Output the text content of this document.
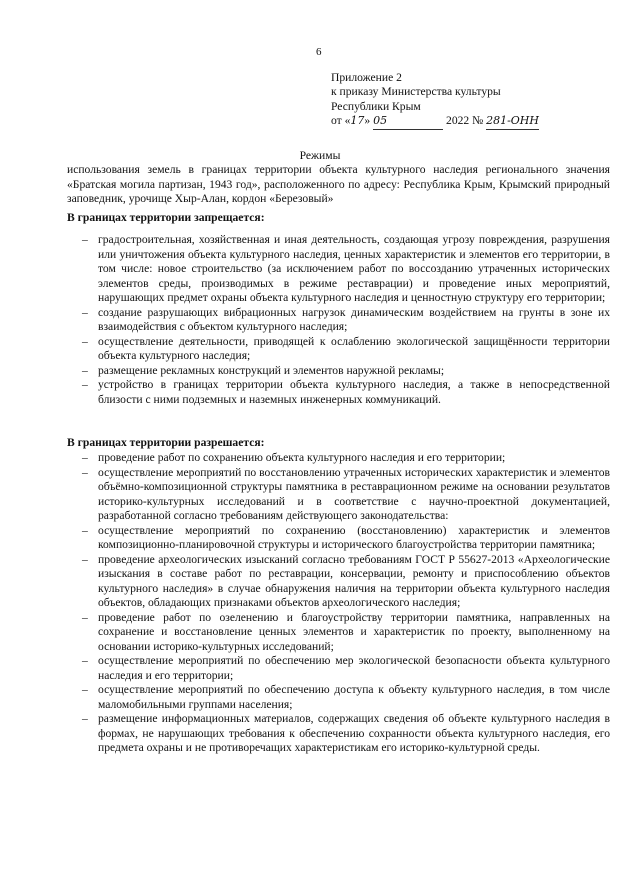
6
Приложение 2
к приказу Министерства культуры
Республики Крым
от «17» 05	2022 № 281-ОНН
Режимы
использования земель в границах территории объекта культурного наследия регионального значения «Братская могила партизан, 1943 год», расположенного по адресу: Республика Крым, Крымский природный заповедник, урочище Хыр-Алан, кордон «Березовый»
В границах территории запрещается:
– градостроительная, хозяйственная и иная деятельность, создающая угрозу повреждения, разрушения или уничтожения объекта культурного наследия, ценных характеристик и элементов его территории, в том числе: новое строительство (за исключением работ по воссозданию утраченных исторических элементов среды, производимых в режиме реставрации) и проведение иных мероприятий, нарушающих предмет охраны объекта культурного наследия и ценностную структуру его территории;
– создание разрушающих вибрационных нагрузок динамическим воздействием на грунты в зоне их взаимодействия с объектом культурного наследия;
– осуществление деятельности, приводящей к ослаблению экологической защищённости территории объекта культурного наследия;
– размещение рекламных конструкций и элементов наружной рекламы;
– устройство в границах территории объекта культурного наследия, а также в непосредственной близости с ними подземных и наземных инженерных коммуникаций.
В границах территории разрешается:
– проведение работ по сохранению объекта культурного наследия и его территории;
– осуществление мероприятий по восстановлению утраченных исторических характеристик и элементов объёмно-композиционной структуры памятника в реставрационном режиме на основании результатов историко-культурных исследований и в соответствие с научно-проектной документацией, разработанной согласно требованиям действующего законодательства:
– осуществление мероприятий по сохранению (восстановлению) характеристик и элементов композиционно-планировочной структуры и исторического благоустройства территории памятника;
– проведение археологических изысканий согласно требованиям ГОСТ Р 55627-2013 «Археологические изыскания в составе работ по реставрации, консервации, ремонту и приспособлению объектов культурного наследия» в случае обнаружения наличия на территории объекта культурного наследия объектов, обладающих признаками объектов археологического наследия;
– проведение работ по озеленению и благоустройству территории памятника, направленных на сохранение и восстановление ценных элементов и характеристик по проекту, выполненному на основании историко-культурных исследований;
– осуществление мероприятий по обеспечению мер экологической безопасности объекта культурного наследия и его территории;
– осуществление мероприятий по обеспечению доступа к объекту культурного наследия, в том числе маломобильными группами населения;
– размещение информационных материалов, содержащих сведения об объекте культурного наследия в формах, не нарушающих требования к обеспечению сохранности объекта культурного наследия, его предмета охраны и не противоречащих характеристикам его историко-культурной среды.
